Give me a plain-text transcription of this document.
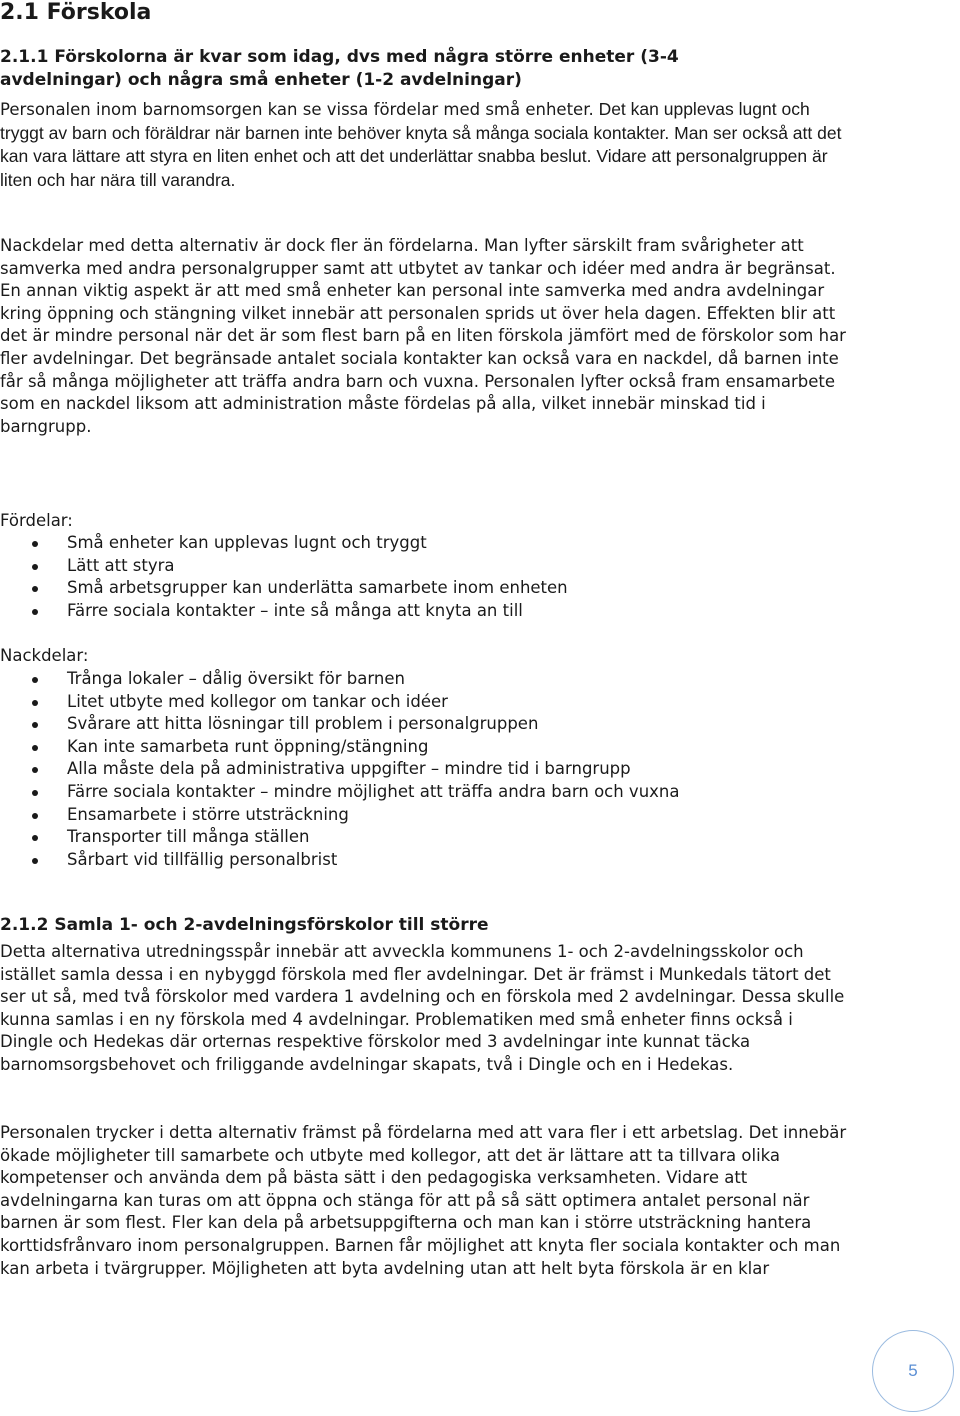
2.1 Förskola

2.1.1 Förskolorna är kvar som idag, dvs med några större enheter (3-4 avdelningar) och några små enheter (1-2 avdelningar)

Personalen inom barnomsorgen kan se vissa fördelar med små enheter. Det kan upplevas lugnt och tryggt av barn och föräldrar när barnen inte behöver knyta så många sociala kontakter. Man ser också att det kan vara lättare att styra en liten enhet och att det underlättar snabba beslut. Vidare att personalgruppen är liten och har nära till varandra.

Nackdelar med detta alternativ är dock fler än fördelarna. Man lyfter särskilt fram svårigheter att samverka med andra personalgrupper samt att utbytet av tankar och idéer med andra är begränsat. En annan viktig aspekt är att med små enheter kan personal inte samverka med andra avdelningar kring öppning och stängning vilket innebär att personalen sprids ut över hela dagen. Effekten blir att det är mindre personal när det är som flest barn på en liten förskola jämfört med de förskolor som har fler avdelningar. Det begränsade antalet sociala kontakter kan också vara en nackdel, då barnen inte får så många möjligheter att träffa andra barn och vuxna. Personalen lyfter också fram ensamarbete som en nackdel liksom att administration måste fördelas på alla, vilket innebär minskad tid i barngrupp.

Fördelar:

Små enheter kan upplevas lugnt och tryggt
Lätt att styra
Små arbetsgrupper kan underlätta samarbete inom enheten
Färre sociala kontakter – inte så många att knyta an till

Nackdelar:

Trånga lokaler – dålig översikt för barnen
Litet utbyte med kollegor om tankar och idéer
Svårare att hitta lösningar till problem i personalgruppen
Kan inte samarbeta runt öppning/stängning
Alla måste dela på administrativa uppgifter – mindre tid i barngrupp
Färre sociala kontakter – mindre möjlighet att träffa andra barn och vuxna
Ensamarbete i större utsträckning
Transporter till många ställen
Sårbart vid tillfällig personalbrist

2.1.2 Samla 1- och 2-avdelningsförskolor till större

Detta alternativa utredningsspår innebär att avveckla kommunens 1- och 2-avdelningsskolor och istället samla dessa i en nybyggd förskola med fler avdelningar. Det är främst i Munkedals tätort det ser ut så, med två förskolor med vardera 1 avdelning och en förskola med 2 avdelningar. Dessa skulle kunna samlas i en ny förskola med 4 avdelningar. Problematiken med små enheter finns också i Dingle och Hedekas där orternas respektive förskolor med 3 avdelningar inte kunnat täcka barnomsorgsbehovet och friliggande avdelningar skapats, två i Dingle och en i Hedekas.

Personalen trycker i detta alternativ främst på fördelarna med att vara fler i ett arbetslag. Det innebär ökade möjligheter till samarbete och utbyte med kollegor, att det är lättare att ta tillvara olika kompetenser och använda dem på bästa sätt i den pedagogiska verksamheten. Vidare att avdelningarna kan turas om att öppna och stänga för att på så sätt optimera antalet personal när barnen är som flest. Fler kan dela på arbetsuppgifterna och man kan i större utsträckning hantera korttidsfrånvaro inom personalgruppen. Barnen får möjlighet att knyta fler sociala kontakter och man kan arbeta i tvärgrupper. Möjligheten att byta avdelning utan att helt byta förskola är en klar

5
